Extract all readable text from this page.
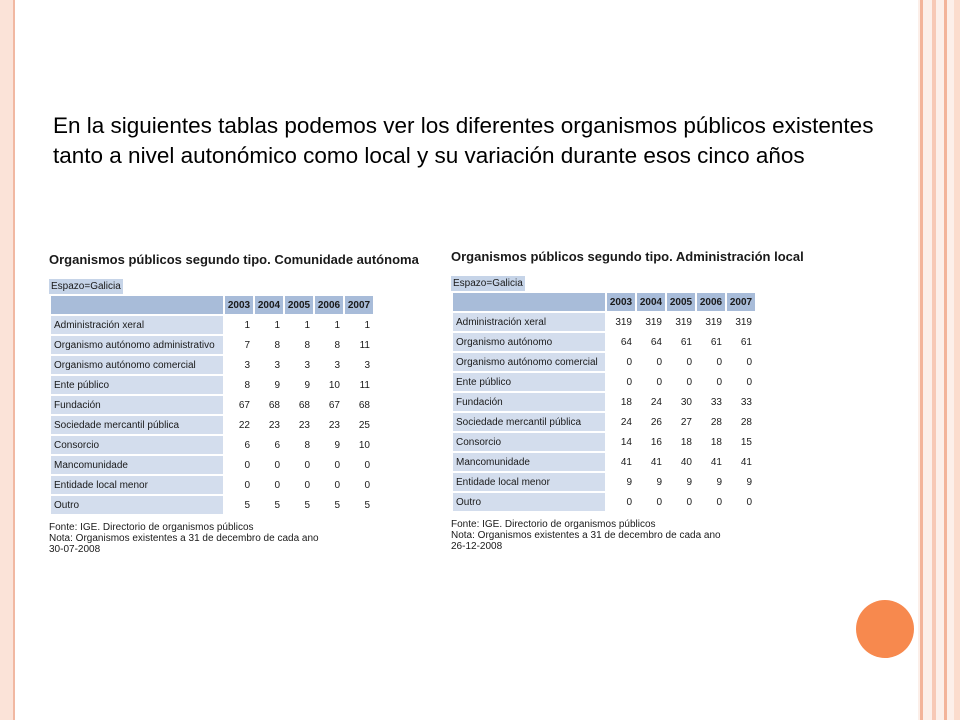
En la siguientes tablas podemos ver los diferentes organismos públicos existentes tanto a nivel autonómico como local y su variación durante esos cinco años

Organismos públicos segundo tipo. Comunidade autónoma
Espazo=Galicia
	2003	2004	2005	2006	2007
Administración xeral	1	1	1	1	1
Organismo autónomo administrativo	7	8	8	8	11
Organismo autónomo comercial	3	3	3	3	3
Ente público	8	9	9	10	11
Fundación	67	68	68	67	68
Sociedade mercantil pública	22	23	23	23	25
Consorcio	6	6	8	9	10
Mancomunidade	0	0	0	0	0
Entidade local menor	0	0	0	0	0
Outro	5	5	5	5	5
Fonte: IGE. Directorio de organismos públicos
Nota: Organismos existentes a 31 de decembro de cada ano
30-07-2008
Organismos públicos segundo tipo. Administración local
Espazo=Galicia
	2003	2004	2005	2006	2007
Administración xeral	319	319	319	319	319
Organismo autónomo	64	64	61	61	61
Organismo autónomo comercial	0	0	0	0	0
Ente público	0	0	0	0	0
Fundación	18	24	30	33	33
Sociedade mercantil pública	24	26	27	28	28
Consorcio	14	16	18	18	15
Mancomunidade	41	41	40	41	41
Entidade local menor	9	9	9	9	9
Outro	0	0	0	0	0
Fonte: IGE. Directorio de organismos públicos
Nota: Organismos existentes a 31 de decembro de cada ano
26-12-2008
